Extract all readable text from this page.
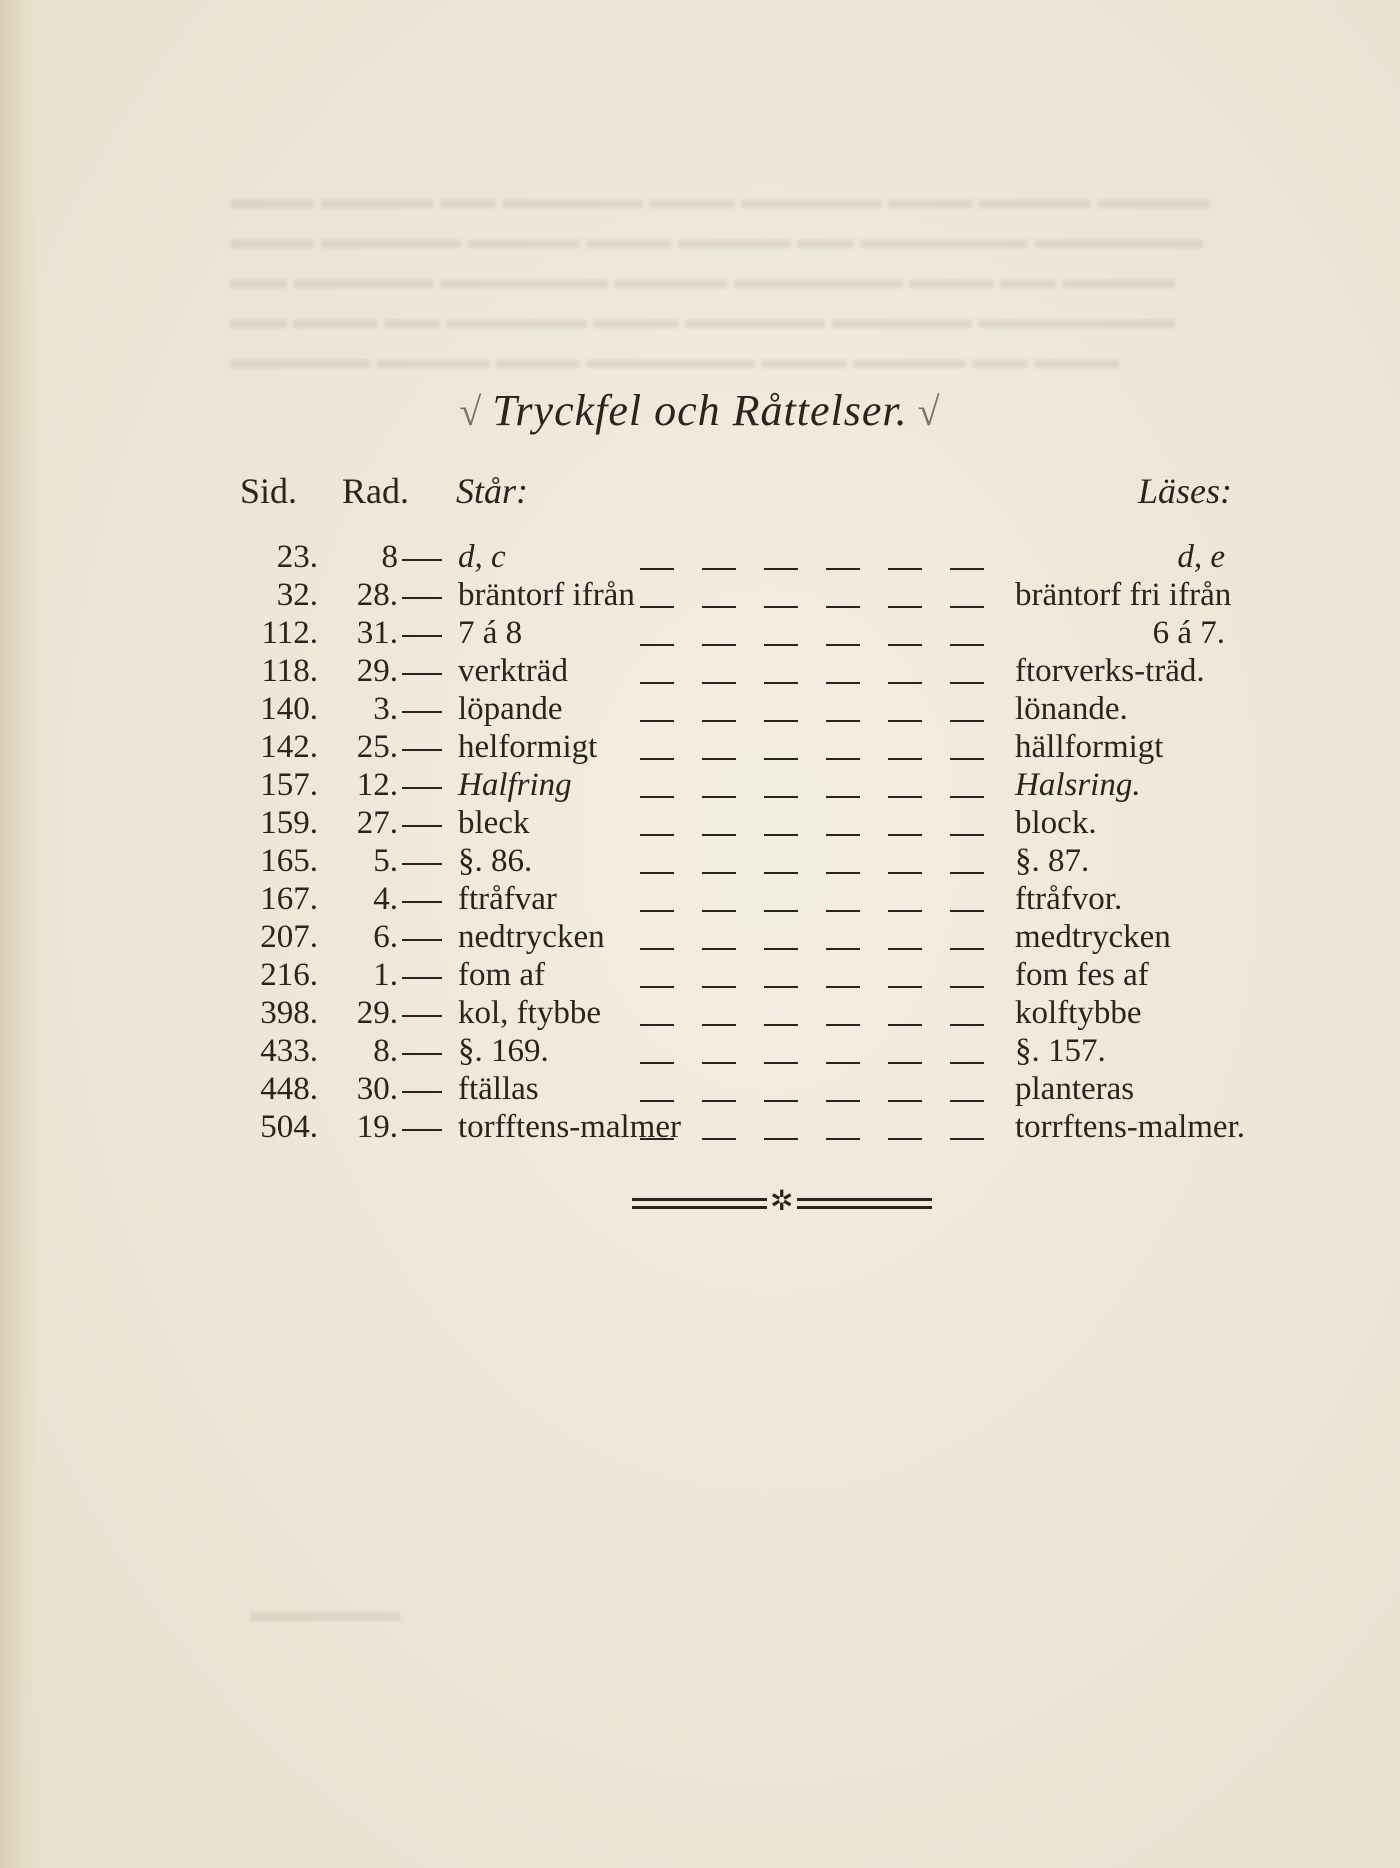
▬▬▬ ▬▬▬▬ ▬▬ ▬▬▬▬▬ ▬▬▬ ▬▬▬▬▬ ▬▬▬ ▬▬▬▬ ▬▬▬▬
▬▬▬ ▬▬▬▬▬ ▬▬▬▬ ▬▬▬ ▬▬▬▬ ▬▬ ▬▬▬▬▬▬ ▬▬▬▬▬▬
▬▬ ▬▬▬▬▬ ▬▬▬▬▬▬ ▬▬▬▬ ▬▬▬▬▬▬ ▬▬▬ ▬▬ ▬▬▬▬
▬▬ ▬▬▬ ▬▬ ▬▬▬▬▬ ▬▬▬ ▬▬▬▬▬ ▬▬▬▬▬ ▬▬▬▬▬▬▬
▬▬▬▬▬ ▬▬▬▬ ▬▬▬ ▬▬▬▬▬▬ ▬▬▬ ▬▬▬▬ ▬▬ ▬▬▬
√ Tryckfel och Råttelser. √
Sid. Rad. Står:	Läses:
23.	8 d, c	d, e
32.	28. bräntorf ifrån	bräntorf fri ifrån
112.	31. 7 á 8	6 á 7.
118.	29. verkträd	ftorverks-träd.
140.	3. löpande	lönande.
142.	25. helformigt	hällformigt
157.	12. Halfring	Halsring.
159.	27. bleck	block.
165.	5. §. 86.	§. 87.
167.	4. ftråfvar	ftråfvor.
207.	6. nedtrycken	medtrycken
216.	1. fom af	fom fes af
398.	29. kol, ftybbe	kolftybbe
433.	8. §. 169.	§. 157.
448.	30. ftällas	planteras
504.	19. torfftens-malmer	torrftens-malmer.
✲
▬▬▬▬▬
